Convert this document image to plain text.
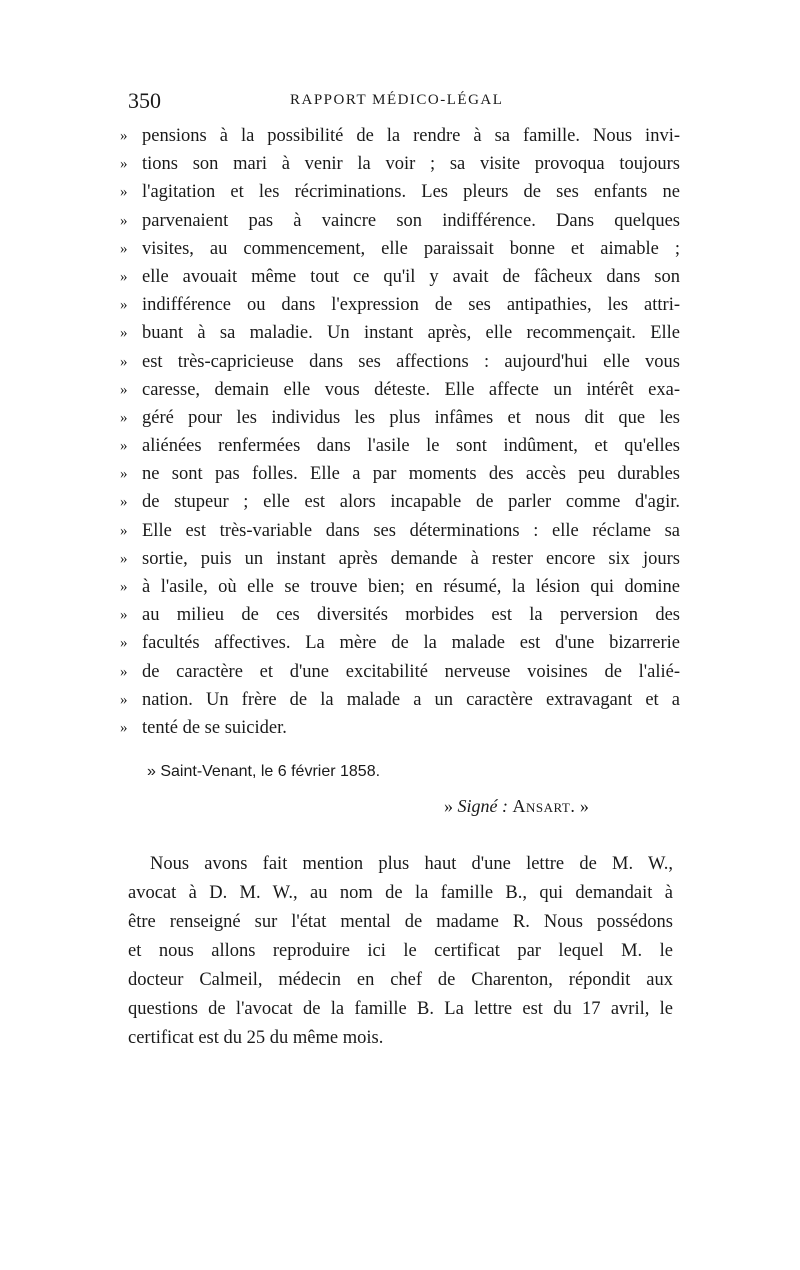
350	RAPPORT MÉDICO-LÉGAL
» pensions à la possibilité de la rendre à sa famille. Nous invi-
» tions son mari à venir la voir ; sa visite provoqua toujours
» l'agitation et les récriminations. Les pleurs de ses enfants ne
» parvenaient pas à vaincre son indifférence. Dans quelques
» visites, au commencement, elle paraissait bonne et aimable ;
» elle avouait même tout ce qu'il y avait de fâcheux dans son
» indifférence ou dans l'expression de ses antipathies, les attri-
» buant à sa maladie. Un instant après, elle recommençait. Elle
» est très-capricieuse dans ses affections : aujourd'hui elle vous
» caresse, demain elle vous déteste. Elle affecte un intérêt exa-
» géré pour les individus les plus infâmes et nous dit que les
» aliénées renfermées dans l'asile le sont indûment, et qu'elles
» ne sont pas folles. Elle a par moments des accès peu durables
» de stupeur ; elle est alors incapable de parler comme d'agir.
» Elle est très-variable dans ses déterminations : elle réclame sa
» sortie, puis un instant après demande à rester encore six jours
» à l'asile, où elle se trouve bien; en résumé, la lésion qui domine
» au milieu de ces diversités morbides est la perversion des
» facultés affectives. La mère de la malade est d'une bizarrerie
» de caractère et d'une excitabilité nerveuse voisines de l'alié-
» nation. Un frère de la malade a un caractère extravagant et a
» tenté de se suicider.
» Saint-Venant, le 6 février 1858.
» Signé : Ansart. »
Nous avons fait mention plus haut d'une lettre de M. W.,
avocat à D. M. W., au nom de la famille B., qui demandait à
être renseigné sur l'état mental de madame R. Nous possédons
et nous allons reproduire ici le certificat par lequel M. le
docteur Calmeil, médecin en chef de Charenton, répondit aux
questions de l'avocat de la famille B. La lettre est du 17 avril, le
certificat est du 25 du même mois.
